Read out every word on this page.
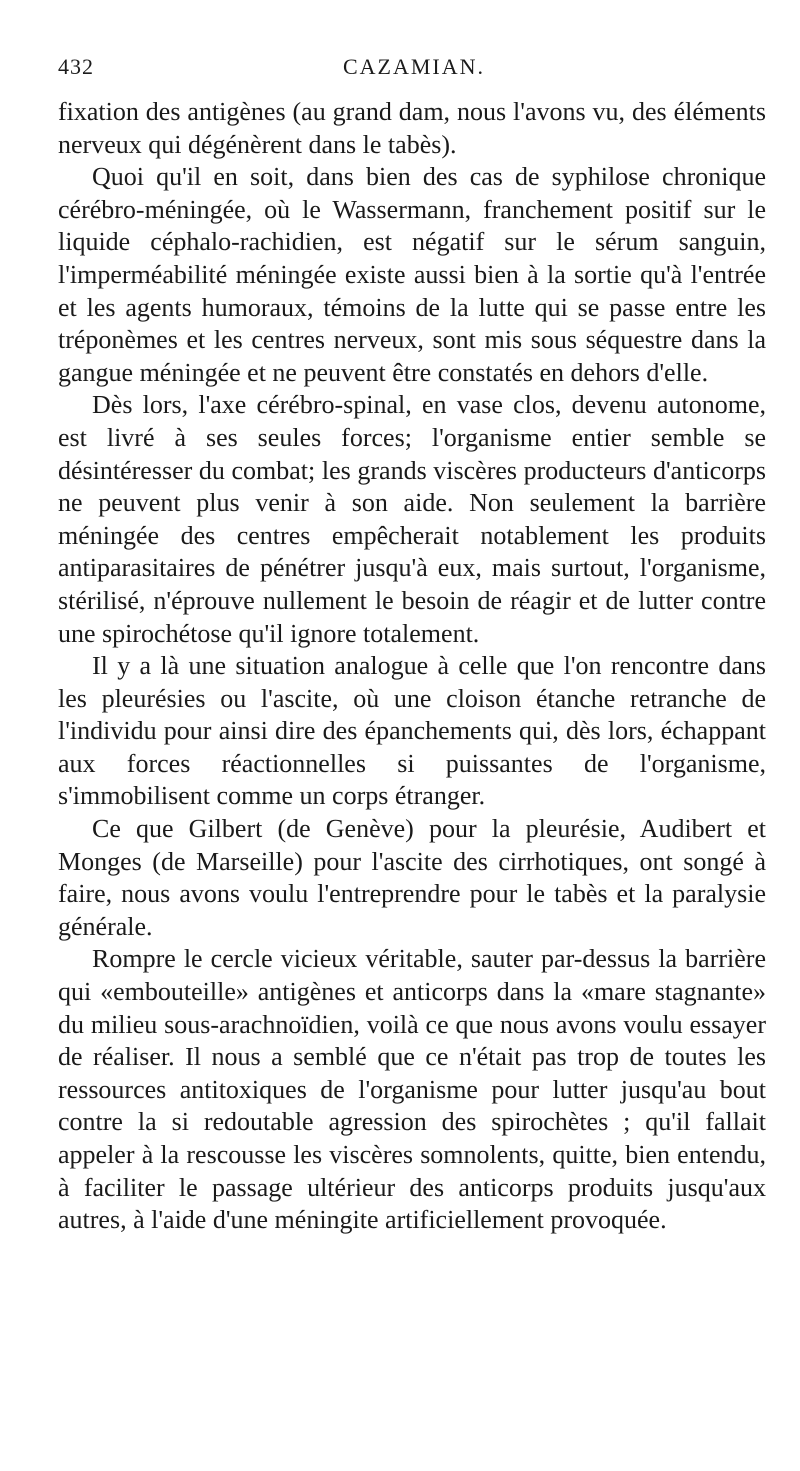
432	CAZAMIAN.

fixation des antigènes (au grand dam, nous l'avons vu, des éléments nerveux qui dégénèrent dans le tabès).

Quoi qu'il en soit, dans bien des cas de syphilose chronique cérébro-méningée, où le Wassermann, franchement positif sur le liquide céphalo-rachidien, est négatif sur le sérum sanguin, l'imperméabilité méningée existe aussi bien à la sortie qu'à l'entrée et les agents humoraux, témoins de la lutte qui se passe entre les tréponèmes et les centres nerveux, sont mis sous séquestre dans la gangue méningée et ne peuvent être constatés en dehors d'elle.

Dès lors, l'axe cérébro-spinal, en vase clos, devenu autonome, est livré à ses seules forces; l'organisme entier semble se désintéresser du combat; les grands viscères producteurs d'anticorps ne peuvent plus venir à son aide. Non seulement la barrière méningée des centres empêcherait notablement les produits antiparasitaires de pénétrer jusqu'à eux, mais surtout, l'organisme, stérilisé, n'éprouve nullement le besoin de réagir et de lutter contre une spirochétose qu'il ignore totalement.

Il y a là une situation analogue à celle que l'on rencontre dans les pleurésies ou l'ascite, où une cloison étanche retranche de l'individu pour ainsi dire des épanchements qui, dès lors, échappant aux forces réactionnelles si puissantes de l'organisme, s'immobilisent comme un corps étranger.

Ce que Gilbert (de Genève) pour la pleurésie, Audibert et Monges (de Marseille) pour l'ascite des cirrhotiques, ont songé à faire, nous avons voulu l'entreprendre pour le tabès et la paralysie générale.

Rompre le cercle vicieux véritable, sauter par-dessus la barrière qui «embouteille» antigènes et anticorps dans la «mare stagnante» du milieu sous-arachnoïdien, voilà ce que nous avons voulu essayer de réaliser. Il nous a semblé que ce n'était pas trop de toutes les ressources antitoxiques de l'organisme pour lutter jusqu'au bout contre la si redoutable agression des spirochètes ; qu'il fallait appeler à la rescousse les viscères somnolents, quitte, bien entendu, à faciliter le passage ultérieur des anticorps produits jusqu'aux autres, à l'aide d'une méningite artificiellement provoquée.
